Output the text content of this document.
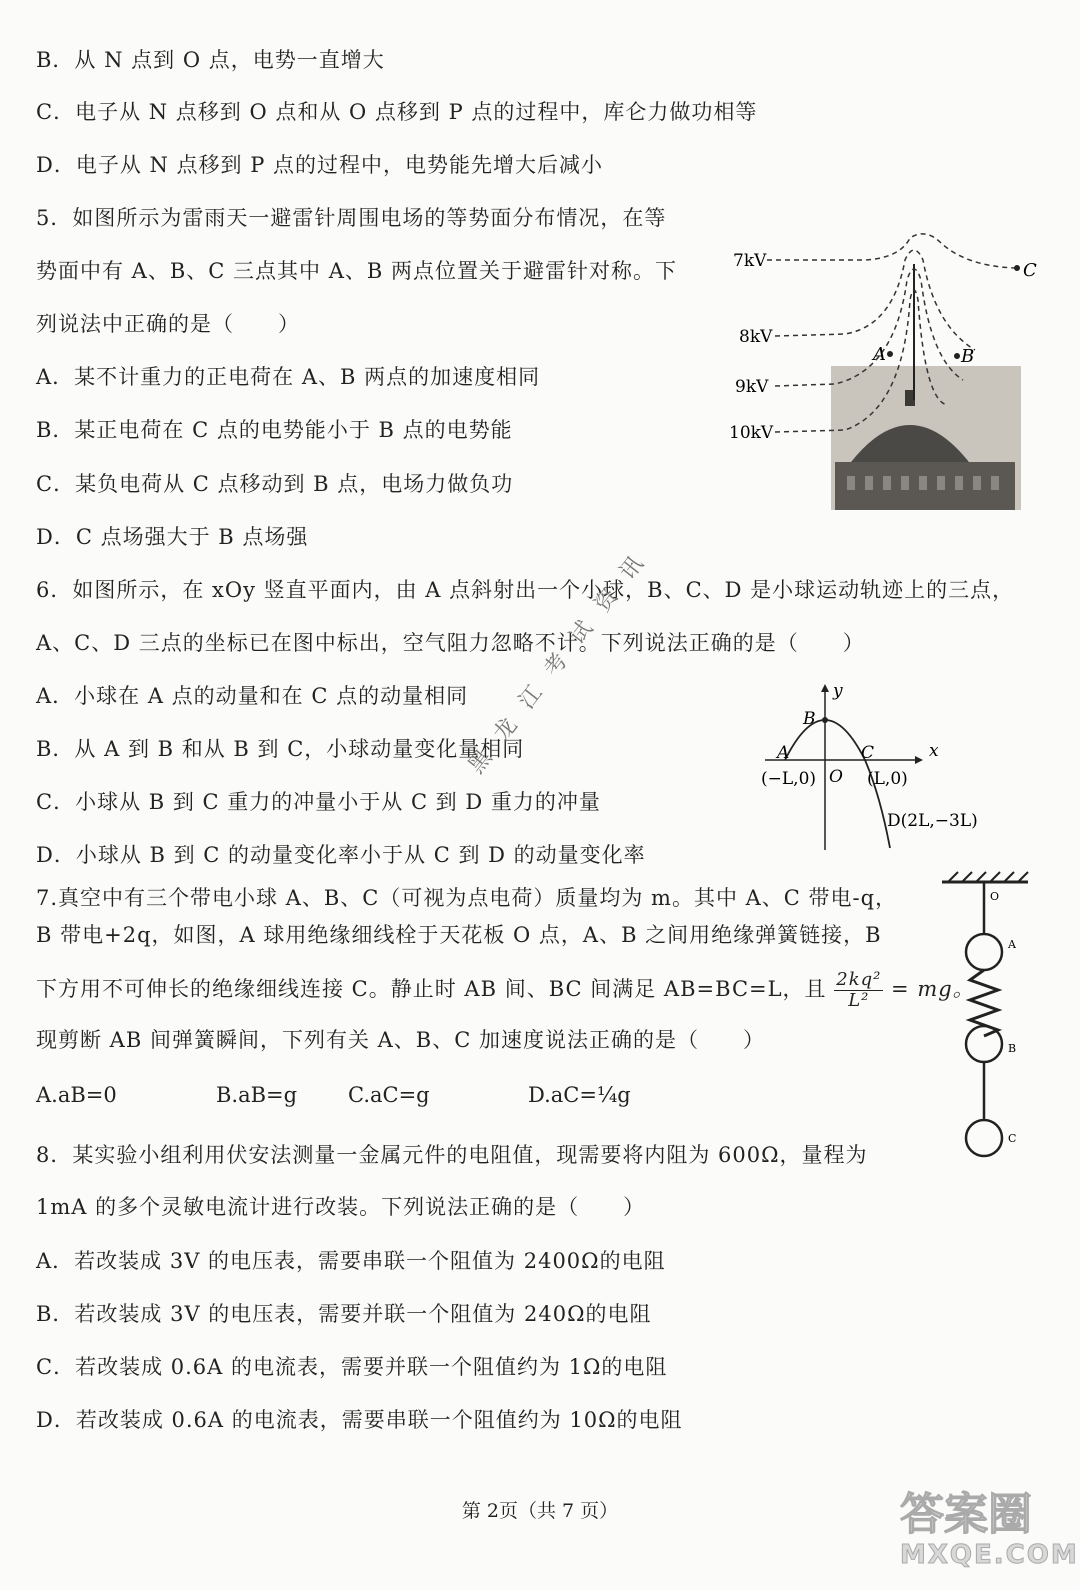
B．从 N 点到 O 点，电势一直增大
C．电子从 N 点移到 O 点和从 O 点移到 P 点的过程中，库仑力做功相等
D．电子从 N 点移到 P 点的过程中，电势能先增大后减小
5．如图所示为雷雨天一避雷针周围电场的等势面分布情况，在等
势面中有 A、B、C 三点其中 A、B 两点位置关于避雷针对称。下
列说法中正确的是（　　）
A．某不计重力的正电荷在 A、B 两点的加速度相同
B．某正电荷在 C 点的电势能小于 B 点的电势能
C．某负电荷从 C 点移动到 B 点，电场力做负功
D．C 点场强大于 B 点场强
6．如图所示，在 xOy 竖直平面内，由 A 点斜射出一个小球，B、C、D 是小球运动轨迹上的三点，
A、C、D 三点的坐标已在图中标出，空气阻力忽略不计。下列说法正确的是（　　）
A．小球在 A 点的动量和在 C 点的动量相同
B．从 A 到 B 和从 B 到 C，小球动量变化量相同
C．小球从 B 到 C 重力的冲量小于从 C 到 D 重力的冲量
D．小球从 B 到 C 的动量变化率小于从 C 到 D 的动量变化率
7.真空中有三个带电小球 A、B、C（可视为点电荷）质量均为 m。其中 A、C 带电-q，
B 带电+2q，如图，A 球用绝缘细线栓于天花板 O 点，A、B 之间用绝缘弹簧链接，B
现剪断 AB 间弹簧瞬间，下列有关 A、B、C 加速度说法正确的是（　　）
8．某实验小组利用伏安法测量一金属元件的电阻值，现需要将内阻为 600Ω，量程为
1mA 的多个灵敏电流计进行改装。下列说法正确的是（　　）
A．若改装成 3V 的电压表，需要串联一个阻值为 2400Ω的电阻
B．若改装成 3V 的电压表，需要并联一个阻值为 240Ω的电阻
C．若改装成 0.6A 的电流表，需要并联一个阻值约为 1Ω的电阻
D．若改装成 0.6A 的电流表，需要串联一个阻值约为 10Ω的电阻
下方用不可伸长的绝缘细线连接 C。静止时 AB 间、BC 间满足 AB=BC=L，且 $\frac{\text{2kq²}}{\text{L²}}$ = mg。
A.aB=0	B.aB=g C.aC=g	D.aC=¼g
7kV
8kV
9kV
10kV
C
A	B
x
y
B
A	C
O
(−L,0)	(L,0)
D(2L,−3L)
O
A
B
C
黑 龙 江 考 试 资 讯
第 2页（共 7 页）	答案圈
MXQE.COM
